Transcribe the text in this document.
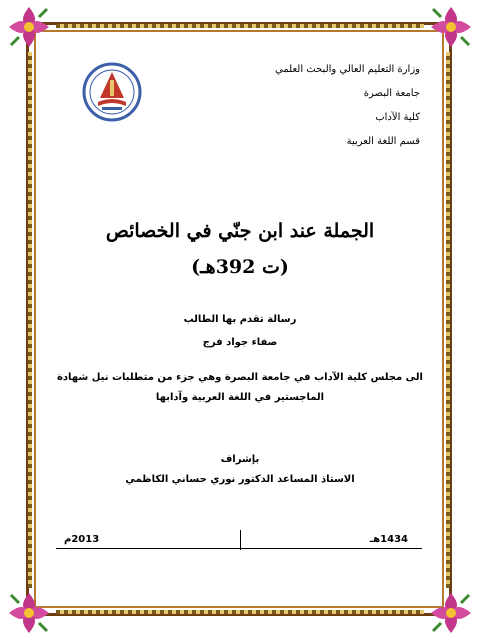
وزارة التعليم العالي والبحث العلمي
جامعة البصرة
كلية الآداب
قسم اللغة العربية
الجملة عند ابن جنّي في الخصائص
(ت 392هـ)
رسالة تقدم بها الطالب
صفاء جواد فرج
الى مجلس كلية الآداب في جامعة البصرة وهي جزء من متطلبات نيل شهادة
الماجستير في اللغة العربية وآدابها
بإشراف
الاستاذ المساعد الدكتور نوري حساني الكاظمي
2013م	1434هـ
